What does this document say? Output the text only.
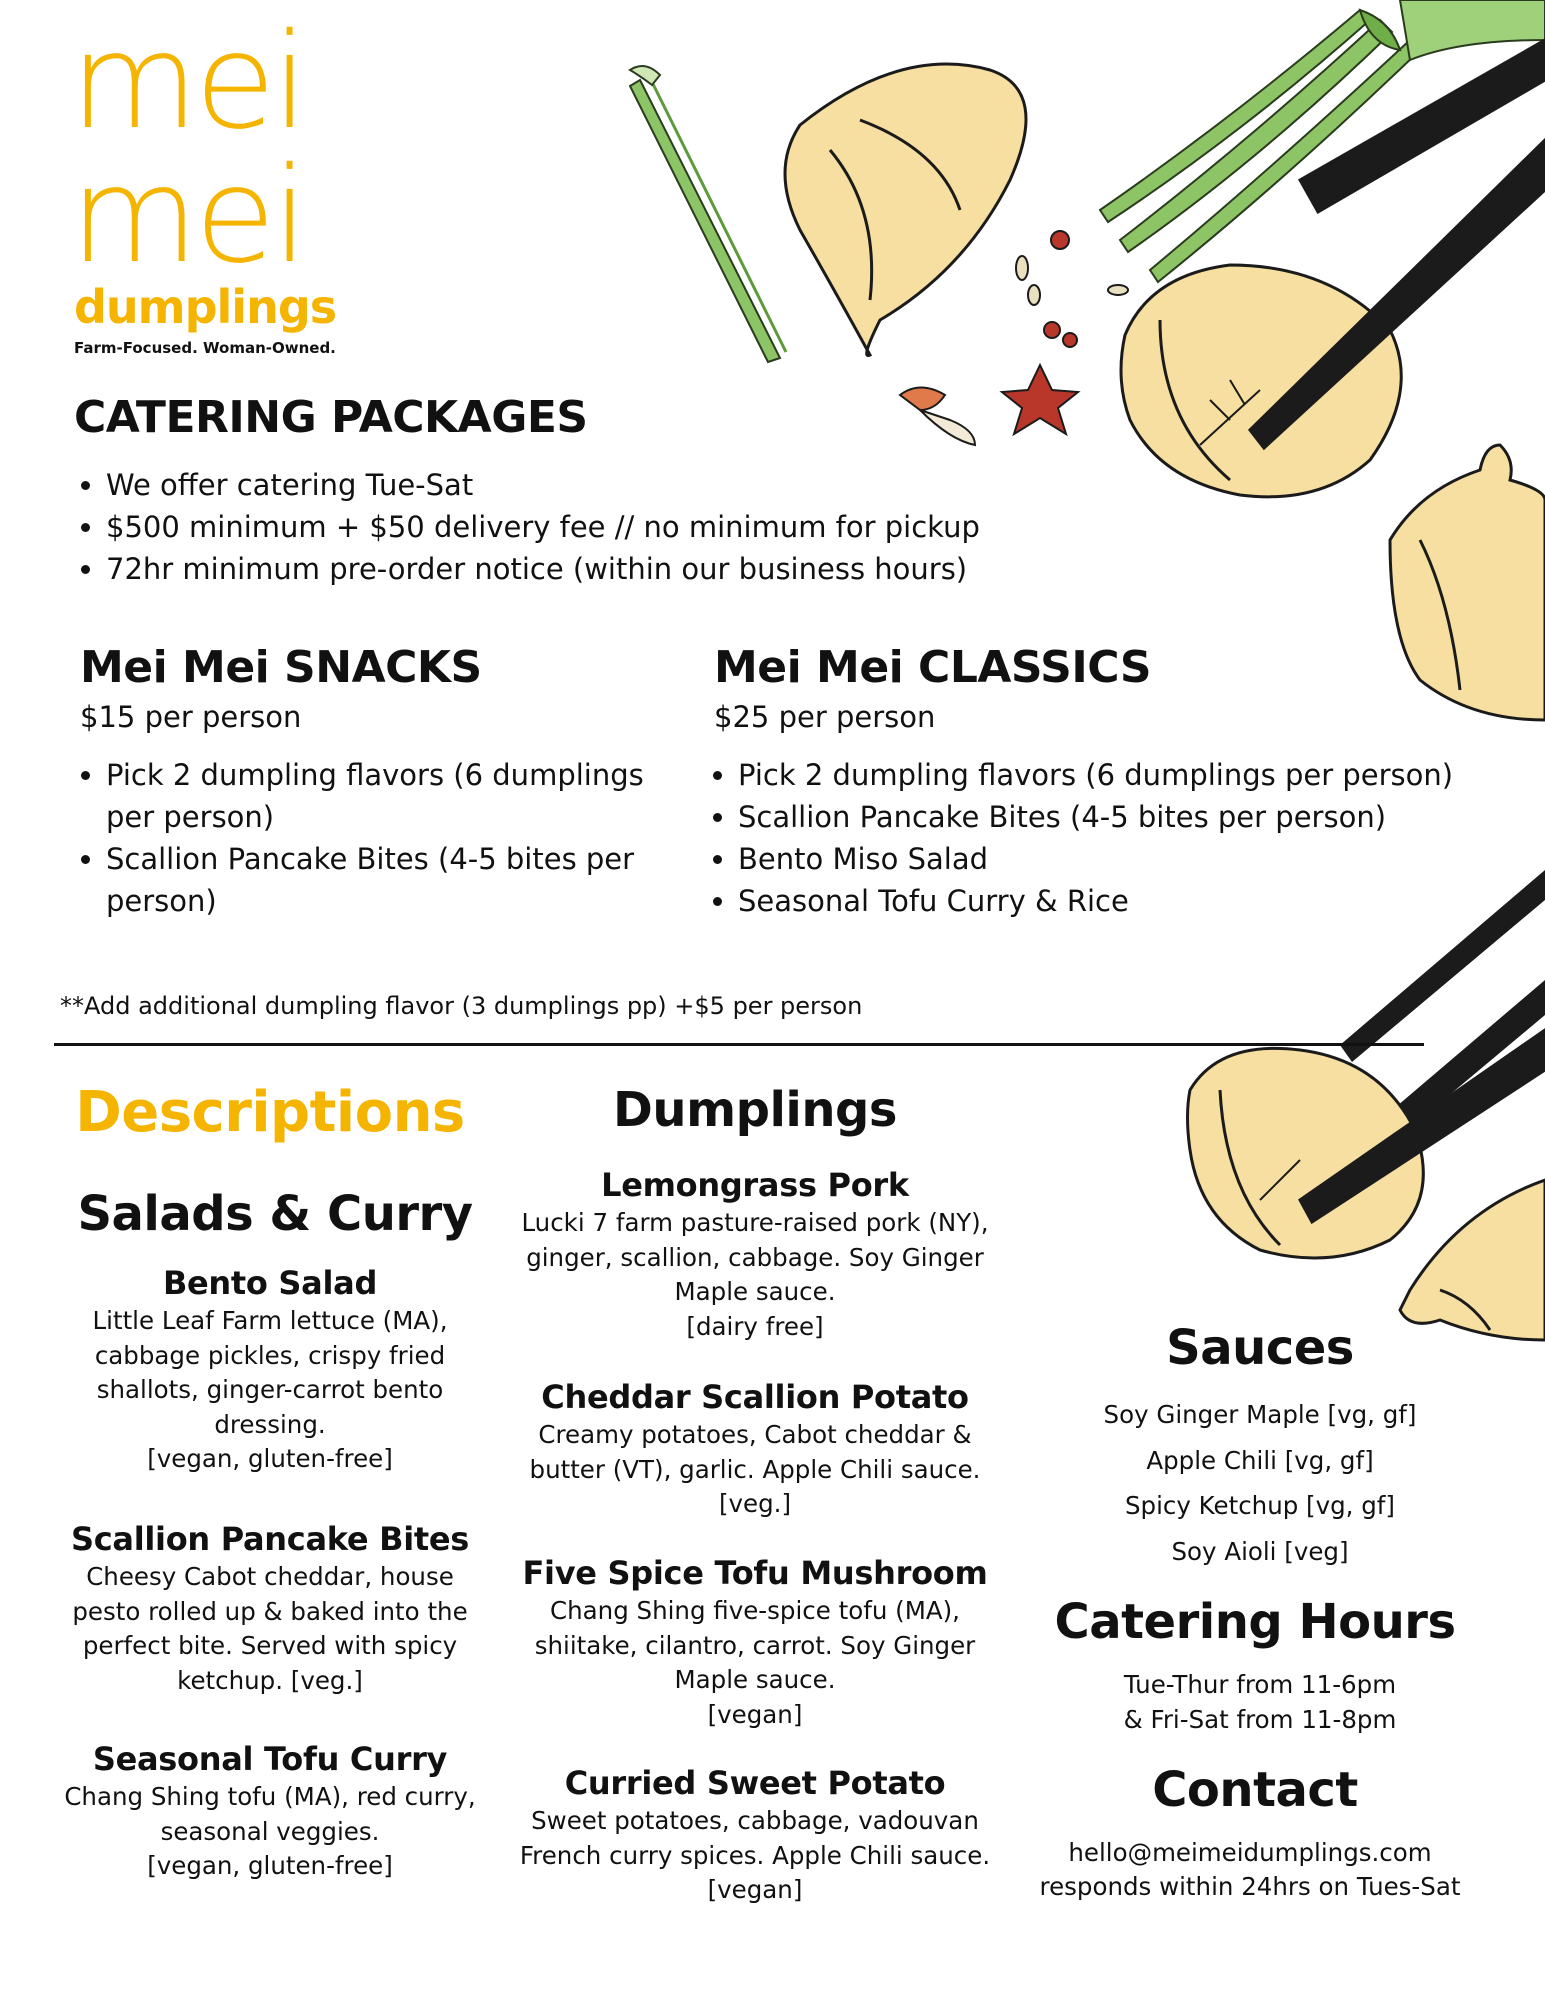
mei
mei
dumplings
Farm-Focused. Woman-Owned.
CATERING PACKAGES
• We offer catering Tue-Sat
• $500 minimum + $50 delivery fee // no minimum for pickup
• 72hr minimum pre-order notice (within our business hours)
Mei Mei SNACKS
$15 per person
• Pick 2 dumpling flavors (6 dumplings per person)
• Scallion Pancake Bites (4-5 bites per person)
Mei Mei CLASSICS
$25 per person
• Pick 2 dumpling flavors (6 dumplings per person)
• Scallion Pancake Bites (4-5 bites per person)
• Bento Miso Salad
• Seasonal Tofu Curry & Rice
**Add additional dumpling flavor (3 dumplings pp) +$5 per person
Descriptions
Salads & Curry
Bento Salad
Little Leaf Farm lettuce (MA), cabbage pickles, crispy fried shallots, ginger-carrot bento dressing.
[vegan, gluten-free]
Scallion Pancake Bites
Cheesy Cabot cheddar, house pesto rolled up & baked into the perfect bite. Served with spicy ketchup. [veg.]
Seasonal Tofu Curry
Chang Shing tofu (MA), red curry, seasonal veggies.
[vegan, gluten-free]
Dumplings
Lemongrass Pork
Lucki 7 farm pasture-raised pork (NY), ginger, scallion, cabbage. Soy Ginger Maple sauce.
[dairy free]
Cheddar Scallion Potato
Creamy potatoes, Cabot cheddar & butter (VT), garlic. Apple Chili sauce.
[veg.]
Five Spice Tofu Mushroom
Chang Shing five-spice tofu (MA), shiitake, cilantro, carrot. Soy Ginger Maple sauce.
[vegan]
Curried Sweet Potato
Sweet potatoes, cabbage, vadouvan French curry spices. Apple Chili sauce.
[vegan]
Sauces
Soy Ginger Maple [vg, gf]
Apple Chili [vg, gf]
Spicy Ketchup [vg, gf]
Soy Aioli [veg]
Catering Hours
Tue-Thur from 11-6pm
& Fri-Sat from 11-8pm
Contact
hello@meimeidumplings.com
responds within 24hrs on Tues-Sat
